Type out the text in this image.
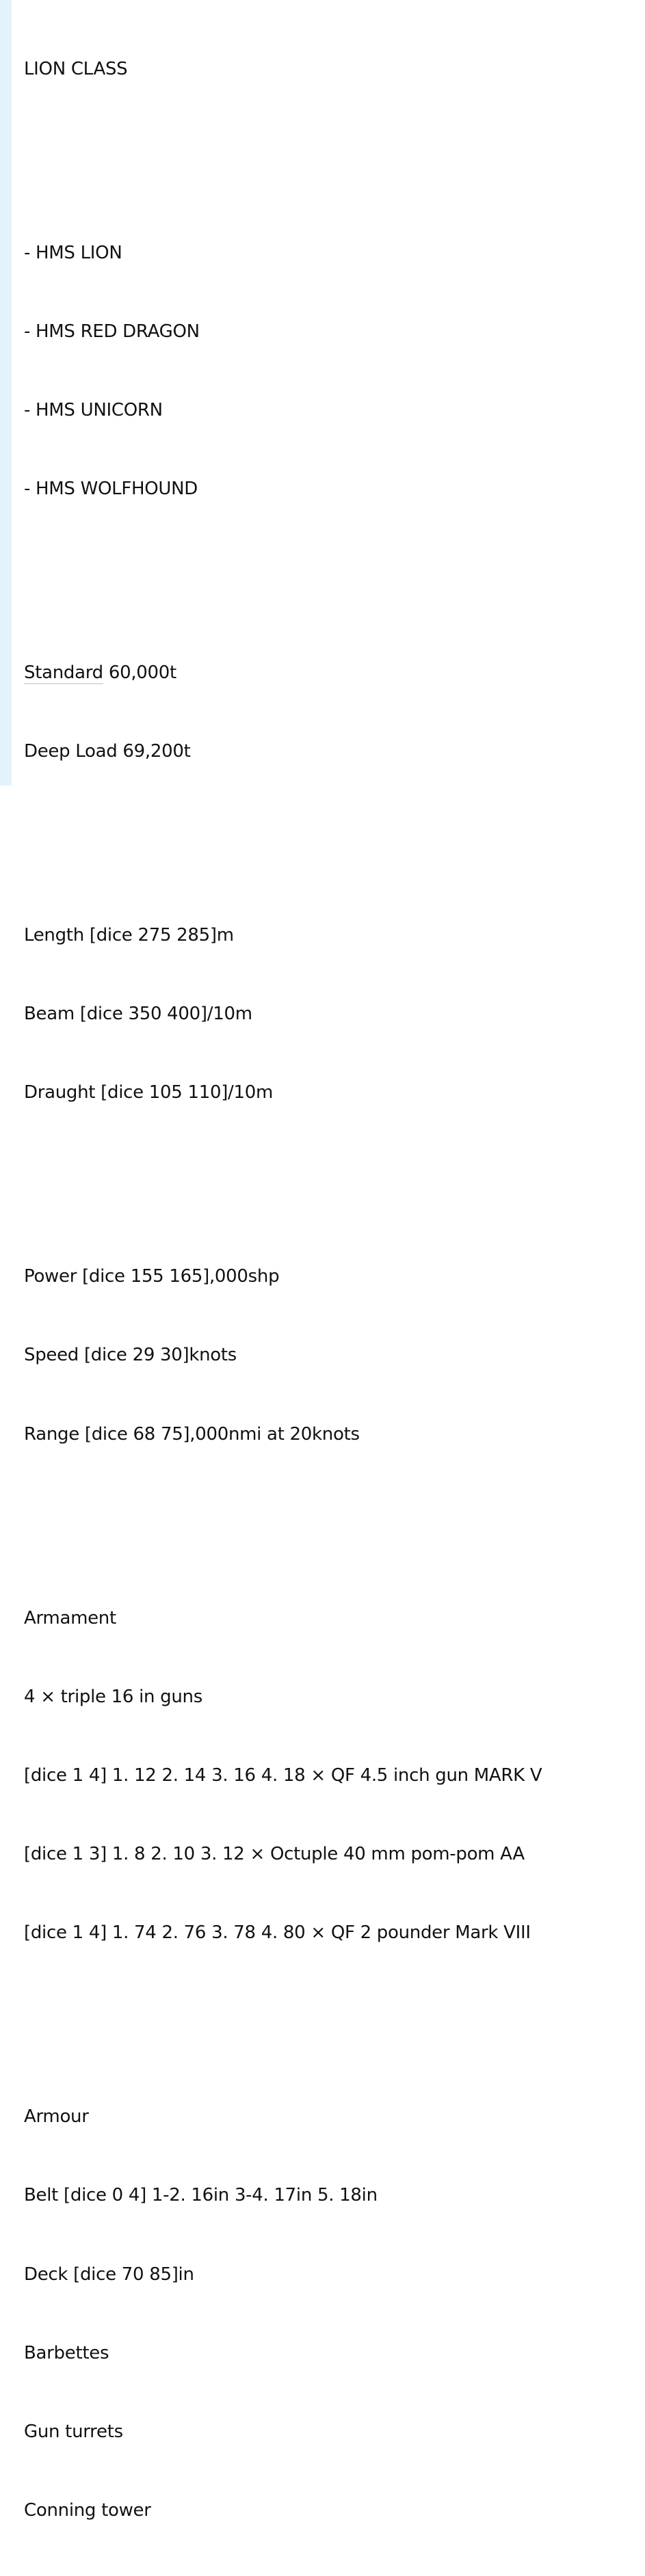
LION CLASS

- HMS LION

- HMS RED DRAGON

- HMS UNICORN

- HMS WOLFHOUND

Standard 60,000t

Deep Load 69,200t

Length [dice 275 285]m

Beam [dice 350 400]/10m

Draught [dice 105 110]/10m

Power [dice 155 165],000shp

Speed [dice 29 30]knots

Range [dice 68 75],000nmi at 20knots

Armament

4 × triple 16 in guns

[dice 1 4] 1. 12 2. 14 3. 16 4. 18 × QF 4.5 inch gun MARK V

[dice 1 3] 1. 8 2. 10 3. 12 × Octuple 40 mm pom-pom AA

[dice 1 4] 1. 74 2. 76 3. 78 4. 80 × QF 2 pounder Mark VIII

Armour

Belt [dice 0 4] 1-2. 16in 3-4. 17in 5. 18in

Deck [dice 70 85]in

Barbettes

Gun turrets

Conning tower
